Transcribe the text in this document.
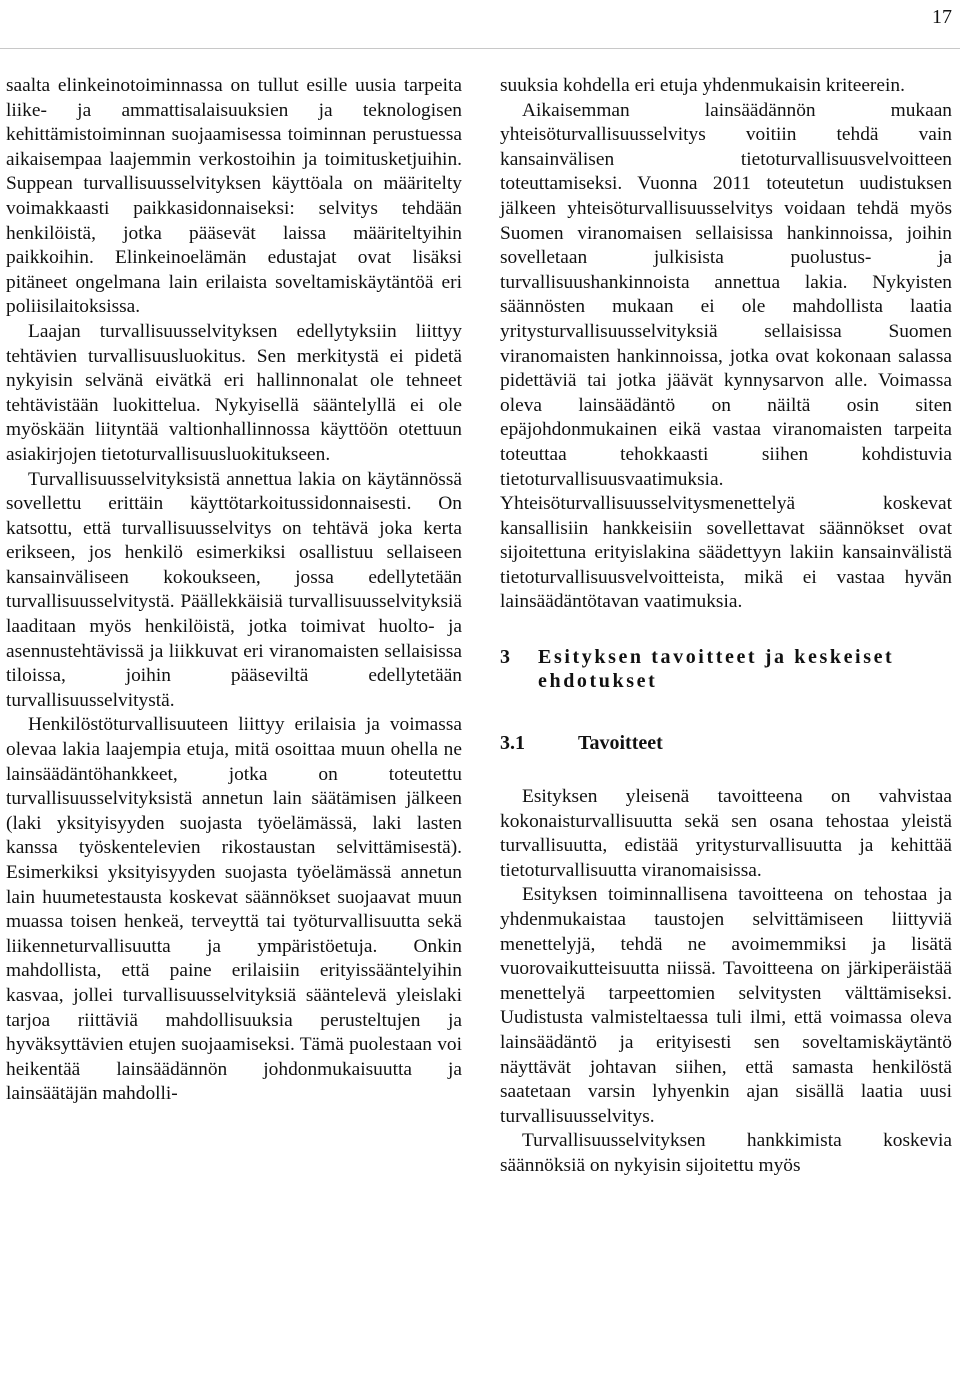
17

saalta elinkeinotoiminnassa on tullut esille uusia tarpeita liike- ja ammattisalaisuuksien ja teknologisen kehittämistoiminnan suojaamisessa toiminnan perustuessa aikaisempaa laajemmin verkostoihin ja toimitusketjuihin. Suppean turvallisuusselvityksen käyttöala on määritelty voimakkaasti paikkasidonnaiseksi: selvitys tehdään henkilöistä, jotka pääsevät laissa määriteltyihin paikkoihin. Elinkeinoelämän edustajat ovat lisäksi pitäneet ongelmana lain erilaista soveltamiskäytäntöä eri poliisilaitoksissa.

Laajan turvallisuusselvityksen edellytyksiin liittyy tehtävien turvallisuusluokitus. Sen merkitystä ei pidetä nykyisin selvänä eivätkä eri hallinnonalat ole tehneet tehtävistään luokittelua. Nykyisellä sääntelyllä ei ole myöskään liityntää valtionhallinnossa käyttöön otettuun asiakirjojen tietoturvallisuusluokitukseen.

Turvallisuusselvityksistä annettua lakia on käytännössä sovellettu erittäin käyttötarkoitussidonnaisesti. On katsottu, että turvallisuusselvitys on tehtävä joka kerta erikseen, jos henkilö esimerkiksi osallistuu sellaiseen kansainväliseen kokoukseen, jossa edellytetään turvallisuusselvitystä. Päällekkäisiä turvallisuusselvityksiä laaditaan myös henkilöistä, jotka toimivat huolto- ja asennustehtävissä ja liikkuvat eri viranomaisten sellaisissa tiloissa, joihin pääseviltä edellytetään turvallisuusselvitystä.

Henkilöstöturvallisuuteen liittyy erilaisia ja voimassa olevaa lakia laajempia etuja, mitä osoittaa muun ohella ne lainsäädäntöhankkeet, jotka on toteutettu turvallisuusselvityksistä annetun lain säätämisen jälkeen (laki yksityisyyden suojasta työelämässä, laki lasten kanssa työskentelevien rikostaustan selvittämisestä). Esimerkiksi yksityisyyden suojasta työelämässä annetun lain huumetestausta koskevat säännökset suojaavat muun muassa toisen henkeä, terveyttä tai työturvallisuutta sekä liikenneturvallisuutta ja ympäristöetuja. Onkin mahdollista, että paine erilaisiin erityissääntelyihin kasvaa, jollei turvallisuusselvityksiä sääntelevä yleislaki tarjoa riittäviä mahdollisuuksia perusteltujen ja hyväksyttävien etujen suojaamiseksi. Tämä puolestaan voi heikentää lainsäädännön johdonmukaisuutta ja lainsäätäjän mahdolli-

suuksia kohdella eri etuja yhdenmukaisin kriteerein.

Aikaisemman lainsäädännön mukaan yhteisöturvallisuusselvitys voitiin tehdä vain kansainvälisen tietoturvallisuusvelvoitteen toteuttamiseksi. Vuonna 2011 toteutetun uudistuksen jälkeen yhteisöturvallisuusselvitys voidaan tehdä myös Suomen viranomaisen sellaisissa hankinnoissa, joihin sovelletaan julkisista puolustus- ja turvallisuushankinnoista annettua lakia. Nykyisten säännösten mukaan ei ole mahdollista laatia yritysturvallisuusselvityksiä sellaisissa Suomen viranomaisten hankinnoissa, jotka ovat kokonaan salassa pidettäviä tai jotka jäävät kynnysarvon alle. Voimassa oleva lainsäädäntö on näiltä osin siten epäjohdonmukainen eikä vastaa viranomaisten tarpeita toteuttaa tehokkaasti siihen kohdistuvia tietoturvallisuusvaatimuksia. Yhteisöturvallisuusselvitysmenettelyä koskevat kansallisiin hankkeisiin sovellettavat säännökset ovat sijoitettuna erityislakina säädettyyn lakiin kansainvälistä tietoturvallisuusvelvoitteista, mikä ei vastaa hyvän lainsäädäntötavan vaatimuksia.

3	Esityksen tavoitteet ja keskeiset ehdotukset
3.1	Tavoitteet

Esityksen yleisenä tavoitteena on vahvistaa kokonaisturvallisuutta sekä sen osana tehostaa yleistä turvallisuutta, edistää yritysturvallisuutta ja kehittää tietoturvallisuutta viranomaisissa.

Esityksen toiminnallisena tavoitteena on tehostaa ja yhdenmukaistaa taustojen selvittämiseen liittyviä menettelyjä, tehdä ne avoimemmiksi ja lisätä vuorovaikutteisuutta niissä. Tavoitteena on järkiperäistää menettelyä tarpeettomien selvitysten välttämiseksi. Uudistusta valmisteltaessa tuli ilmi, että voimassa oleva lainsäädäntö ja erityisesti sen soveltamiskäytäntö näyttävät johtavan siihen, että samasta henkilöstä saatetaan varsin lyhyenkin ajan sisällä laatia uusi turvallisuusselvitys.

Turvallisuusselvityksen hankkimista koskevia säännöksiä on nykyisin sijoitettu myös
